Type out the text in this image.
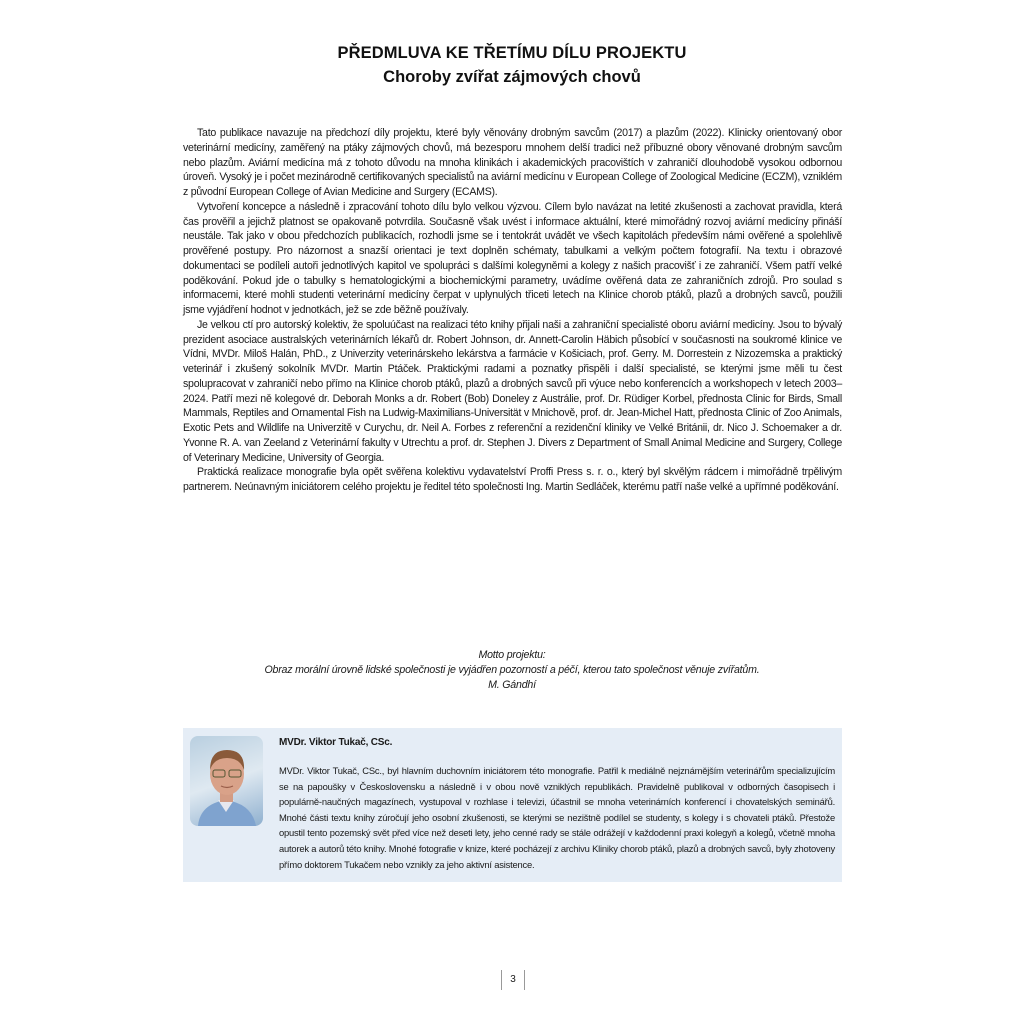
PŘEDMLUVA KE TŘETÍMU DÍLU PROJEKTU
Choroby zvířat zájmových chovů

Tato publikace navazuje na předchozí díly projektu, které byly věnovány drobným savcům (2017) a plazům (2022). Klinicky orientovaný obor veterinární medicíny, zaměřený na ptáky zájmových chovů, má bezesporu mnohem delší tradici než příbuzné obory věnované drobným savcům nebo plazům. Aviární medicína má z tohoto důvodu na mnoha klinikách i akademických pracovištích v zahraničí dlouhodobě vysokou odbornou úroveň. Vysoký je i počet mezinárodně certifikovaných specialistů na aviární medicínu v European College of Zoological Medicine (ECZM), vzniklém z původní European College of Avian Medicine and Surgery (ECAMS).

Vytvoření koncepce a následně i zpracování tohoto dílu bylo velkou výzvou. Cílem bylo navázat na letité zkušenosti a zachovat pravidla, která čas prověřil a jejichž platnost se opakovaně potvrdila. Současně však uvést i informace aktuální, které mimořádný rozvoj aviární medicíny přináší neustále. Tak jako v obou předchozích publikacích, rozhodli jsme se i tentokrát uvádět ve všech kapitolách především námi ověřené a spolehlivě prověřené postupy. Pro názornost a snazší orientaci je text doplněn schématy, tabulkami a velkým počtem fotografií. Na textu i obrazové dokumentaci se podíleli autoři jednotlivých kapitol ve spolupráci s dalšími kolegyněmi a kolegy z našich pracovišť i ze zahraničí. Všem patří velké poděkování. Pokud jde o tabulky s hematologickými a biochemickými parametry, uvádíme ověřená data ze zahraničních zdrojů. Pro soulad s informacemi, které mohli studenti veterinární medicíny čerpat v uplynulých třiceti letech na Klinice chorob ptáků, plazů a drobných savců, použili jsme vyjádření hodnot v jednotkách, jež se zde běžně používaly.

Je velkou ctí pro autorský kolektiv, že spoluúčast na realizaci této knihy přijali naši a zahraniční specialisté oboru aviární medicíny. Jsou to bývalý prezident asociace australských veterinárních lékařů dr. Robert Johnson, dr. Annett-Carolin Häbich působící v současnosti na soukromé klinice ve Vídni, MVDr. Miloš Halán, PhD., z Univerzity veterinárskeho lekárstva a farmácie v Košiciach, prof. Gerry. M. Dorrestein z Nizozemska a praktický veterinář i zkušený sokolník MVDr. Martin Ptáček. Praktickými radami a poznatky přispěli i další specialisté, se kterými jsme měli tu čest spolupracovat v zahraničí nebo přímo na Klinice chorob ptáků, plazů a drobných savců při výuce nebo konferencích a workshopech v letech 2003–2024. Patří mezi ně kolegové dr. Deborah Monks a dr. Robert (Bob) Doneley z Austrálie, prof. Dr. Rüdiger Korbel, přednosta Clinic for Birds, Small Mammals, Reptiles and Ornamental Fish na Ludwig-Maximilians-Universität v Mnichově, prof. dr. Jean-Michel Hatt, přednosta Clinic of Zoo Animals, Exotic Pets and Wildlife na Univerzitě v Curychu, dr. Neil A. Forbes z referenční a rezidenční kliniky ve Velké Británii, dr. Nico J. Schoemaker a dr. Yvonne R. A. van Zeeland z Veterinární fakulty v Utrechtu a prof. dr. Stephen J. Divers z Department of Small Animal Medicine and Surgery, College of Veterinary Medicine, University of Georgia.

Praktická realizace monografie byla opět svěřena kolektivu vydavatelství Proffi Press s. r. o., který byl skvělým rádcem i mimořádně trpělivým partnerem. Neúnavným iniciátorem celého projektu je ředitel této společnosti Ing. Martin Sedláček, kterému patří naše velké a upřímné poděkování.

Motto projektu:
Obraz morální úrovně lidské společnosti je vyjádřen pozorností a péčí, kterou tato společnost věnuje zvířatům.
M. Gándhí
MVDr. Viktor Tukač, CSc.
MVDr. Viktor Tukač, CSc., byl hlavním duchovním iniciátorem této monografie. Patřil k mediálně nejznámějším veterinářům specializujícím se na papoušky v Československu a následně i v obou nově vzniklých republikách. Pravidelně publikoval v odborných časopisech i populárně-naučných magazínech, vystupoval v rozhlase i televizi, účastnil se mnoha veterinárních konferencí i chovatelských seminářů. Mnohé části textu knihy zúročují jeho osobní zkušenosti, se kterými se nezištně podílel se studenty, s kolegy i s chovateli ptáků. Přestože opustil tento pozemský svět před více než deseti lety, jeho cenné rady se stále odrážejí v každodenní praxi kolegyň a kolegů, včetně mnoha autorek a autorů této knihy. Mnohé fotografie v knize, které pocházejí z archivu Kliniky chorob ptáků, plazů a drobných savců, byly zhotoveny přímo doktorem Tukačem nebo vznikly za jeho aktivní asistence.
3
